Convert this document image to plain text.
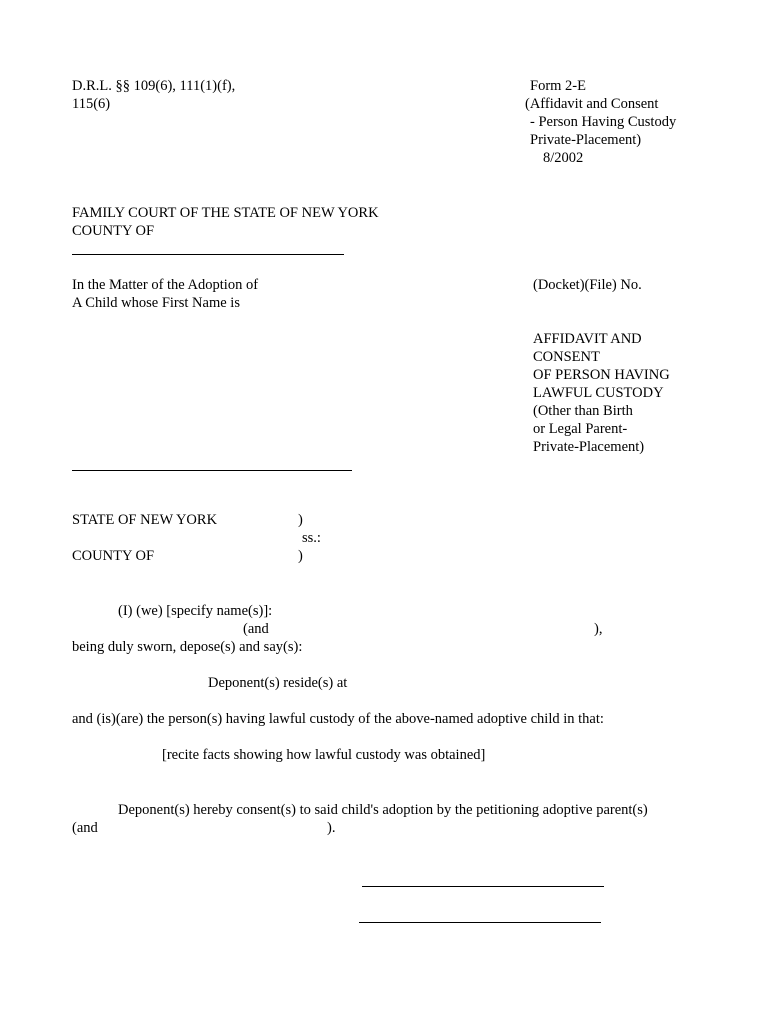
D.R.L. §§ 109(6), 111(1)(f),
115(6)
Form 2-E
(Affidavit and Consent
- Person Having Custody
Private-Placement)
8/2002
FAMILY COURT OF THE STATE OF NEW YORK
COUNTY OF
In the Matter of the Adoption of
A Child whose First Name is
(Docket)(File) No.
AFFIDAVIT AND
CONSENT
OF PERSON HAVING
LAWFUL CUSTODY
(Other than Birth
or Legal Parent-
Private-Placement)
STATE OF NEW YORK	)
ss.:
COUNTY OF	)
(I) (we) [specify name(s)]:
(and	),
being duly sworn, depose(s) and say(s):
Deponent(s) reside(s) at
and (is)(are) the person(s) having lawful custody of the above-named adoptive child in that:
[recite facts showing how lawful custody was obtained]
Deponent(s) hereby consent(s) to said child's adoption by the petitioning adoptive parent(s)
(and	).
